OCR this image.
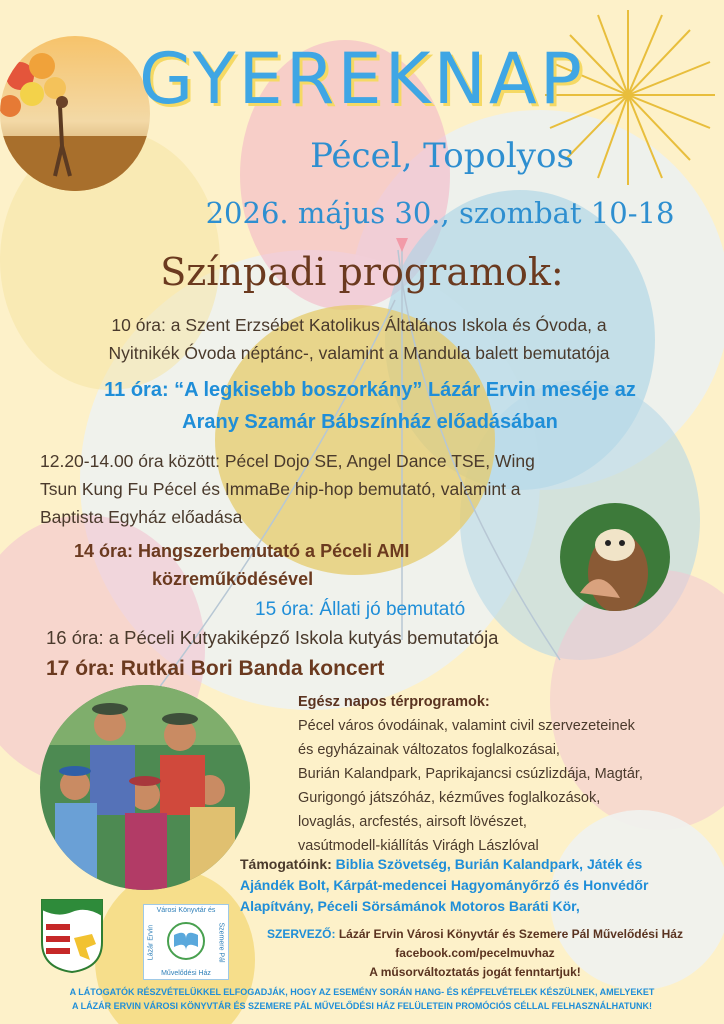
GYEREKNAP
Pécel, Topolyos
2026. május 30., szombat 10-18
Színpadi programok:
10 óra: a Szent Erzsébet Katolikus Általános Iskola és Óvoda, a
Nyitnikék Óvoda néptánc-, valamint a Mandula balett bemutatója
11 óra: “A legkisebb boszorkány” Lázár Ervin meséje az
Arany Szamár Bábszínház előadásában
12.20-14.00 óra között: Pécel Dojo SE, Angel Dance TSE, Wing
Tsun Kung Fu Pécel és ImmaBe hip-hop bemutató, valamint a
Baptista Egyház előadása
14 óra: Hangszerbemutató a Péceli AMI
közreműködésével
15 óra: Állati jó bemutató
16 óra: a Péceli Kutyakiképző Iskola kutyás bemutatója
17 óra: Rutkai Bori Banda koncert
Egész napos térprogramok:
Pécel város óvodáinak, valamint civil szervezeteinek
és egyházainak változatos foglalkozásai,
Burián Kalandpark, Paprikajancsi csúzlizdája, Magtár,
Gurigongó játszóház, kézműves foglalkozások,
lovaglás, arcfestés, airsoft lövészet,
vasútmodell-kiállítás Virágh Lászlóval
Támogatóink: Biblia Szövetség, Burián Kalandpark, Játék és
Ajándék Bolt, Kárpát-medencei Hagyományőrző és Honvédőr
Alapítvány, Péceli Sörsámánok Motoros Baráti Kör,
Városi Könyvtár és
Lázár Ervin	Szemere Pál
Művelődési Ház
SZERVEZŐ: Lázár Ervin Városi Könyvtár és Szemere Pál Művelődési Ház
facebook.com/pecelmuvhaz
A műsorváltoztatás jogát fenntartjuk!
A LÁTOGATÓK RÉSZVÉTELÜKKEL ELFOGADJÁK, HOGY AZ ESEMÉNY SORÁN HANG- ÉS KÉPFELVÉTELEK KÉSZÜLNEK, AMELYEKET
A LÁZÁR ERVIN VÁROSI KÖNYVTÁR ÉS SZEMERE PÁL MŰVELŐDÉSI HÁZ FELÜLETEIN PROMÓCIÓS CÉLLAL FELHASZNÁLHATUNK!
